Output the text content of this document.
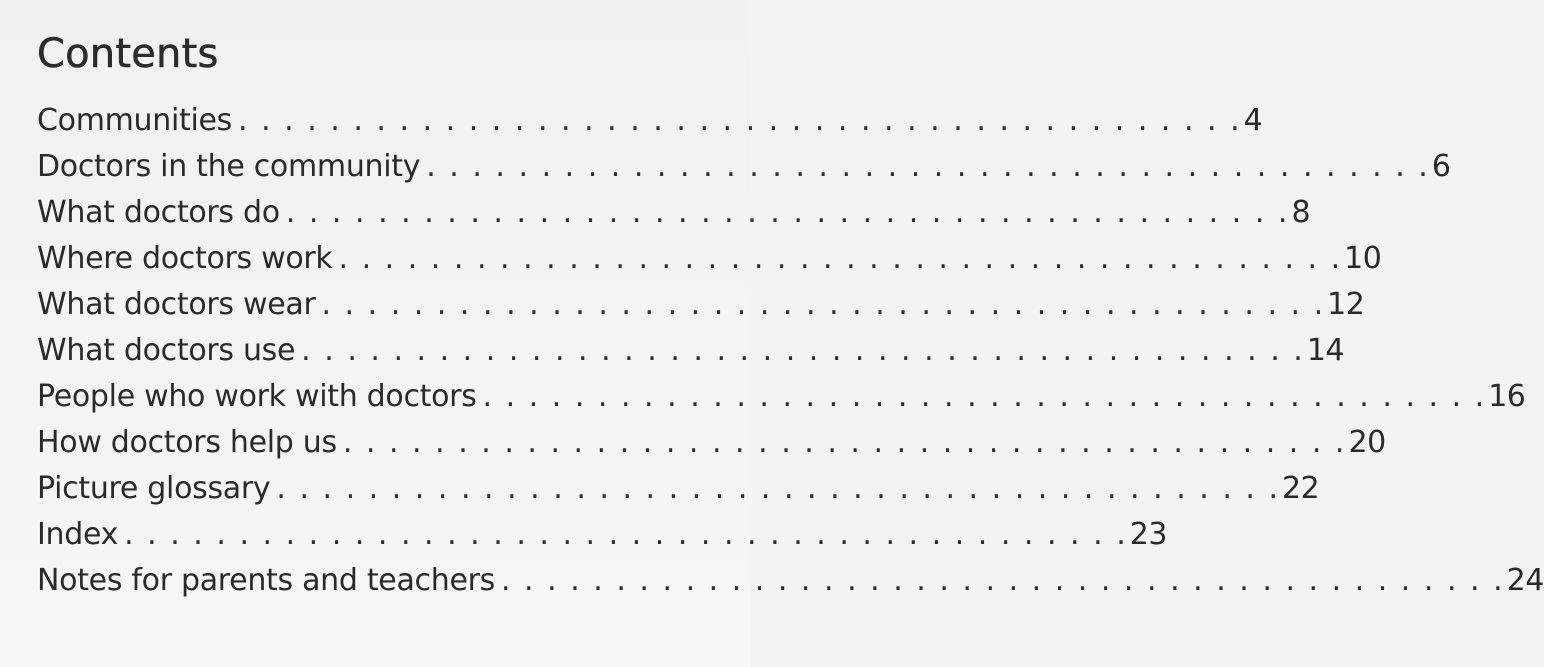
Contents
Communities . . . . . . . . . . . . . . . . . . . . . . . . . . . . . . . . . . . . . . . . . . . . 4
Doctors in the community . . . . . . . . . . . . . . . . . . . . . . . . . . . . . . . . . . . . . . . . . . . . 6
What doctors do . . . . . . . . . . . . . . . . . . . . . . . . . . . . . . . . . . . . . . . . . . . . 8
Where doctors work . . . . . . . . . . . . . . . . . . . . . . . . . . . . . . . . . . . . . . . . . . . . 10
What doctors wear . . . . . . . . . . . . . . . . . . . . . . . . . . . . . . . . . . . . . . . . . . . . 12
What doctors use . . . . . . . . . . . . . . . . . . . . . . . . . . . . . . . . . . . . . . . . . . . . 14
People who work with doctors . . . . . . . . . . . . . . . . . . . . . . . . . . . . . . . . . . . . . . . . . . . . 16
How doctors help us . . . . . . . . . . . . . . . . . . . . . . . . . . . . . . . . . . . . . . . . . . . . 20
Picture glossary . . . . . . . . . . . . . . . . . . . . . . . . . . . . . . . . . . . . . . . . . . . . 22
Index . . . . . . . . . . . . . . . . . . . . . . . . . . . . . . . . . . . . . . . . . . . . 23
Notes for parents and teachers . . . . . . . . . . . . . . . . . . . . . . . . . . . . . . . . . . . . . . . . . . . . 24
